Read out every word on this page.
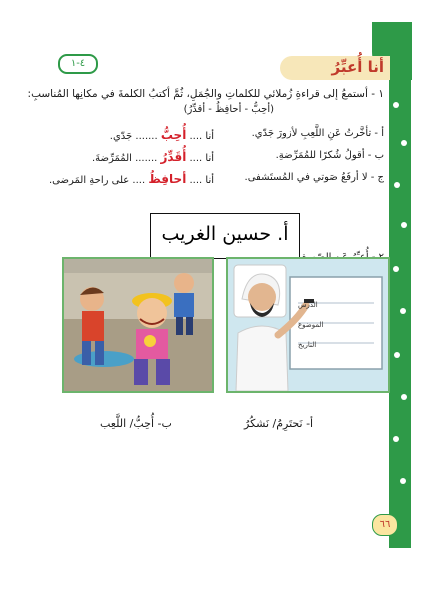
أنا أُعبِّرُ
٤-١
١ - أستمعُ إلى قراءةِ زُملائي للكلماتِ والجُمَلِ، ثُمَّ أكتبُ الكلمةَ في مكانِها المُناسبِ:
(أحِبُّ - أحافِظُ - أقدِّرُ)
أ - تأخَّرتُ عَنِ اللَّعِبِ لأزورَ جَدّي.
أنا .... أُحِبُّ ....... جَدّي.
ب - أقولُ شُكرًا للمُمَرِّضةِ.
أنا .... أُقَدِّرُ ....... المُمَرِّضةَ.
ج - لا أرفَعُ صَوتي في المُستَشفى.
أنا .... أحافِظُ .... على راحةِ المَرضى.
أ. حسين الغريب
الدرس
الموضوع
التاريخ
ب- أُحِبُّ/ اللَّعِب	أ- نَحتَرِمُ/ نَشكُرُ
٦٦
